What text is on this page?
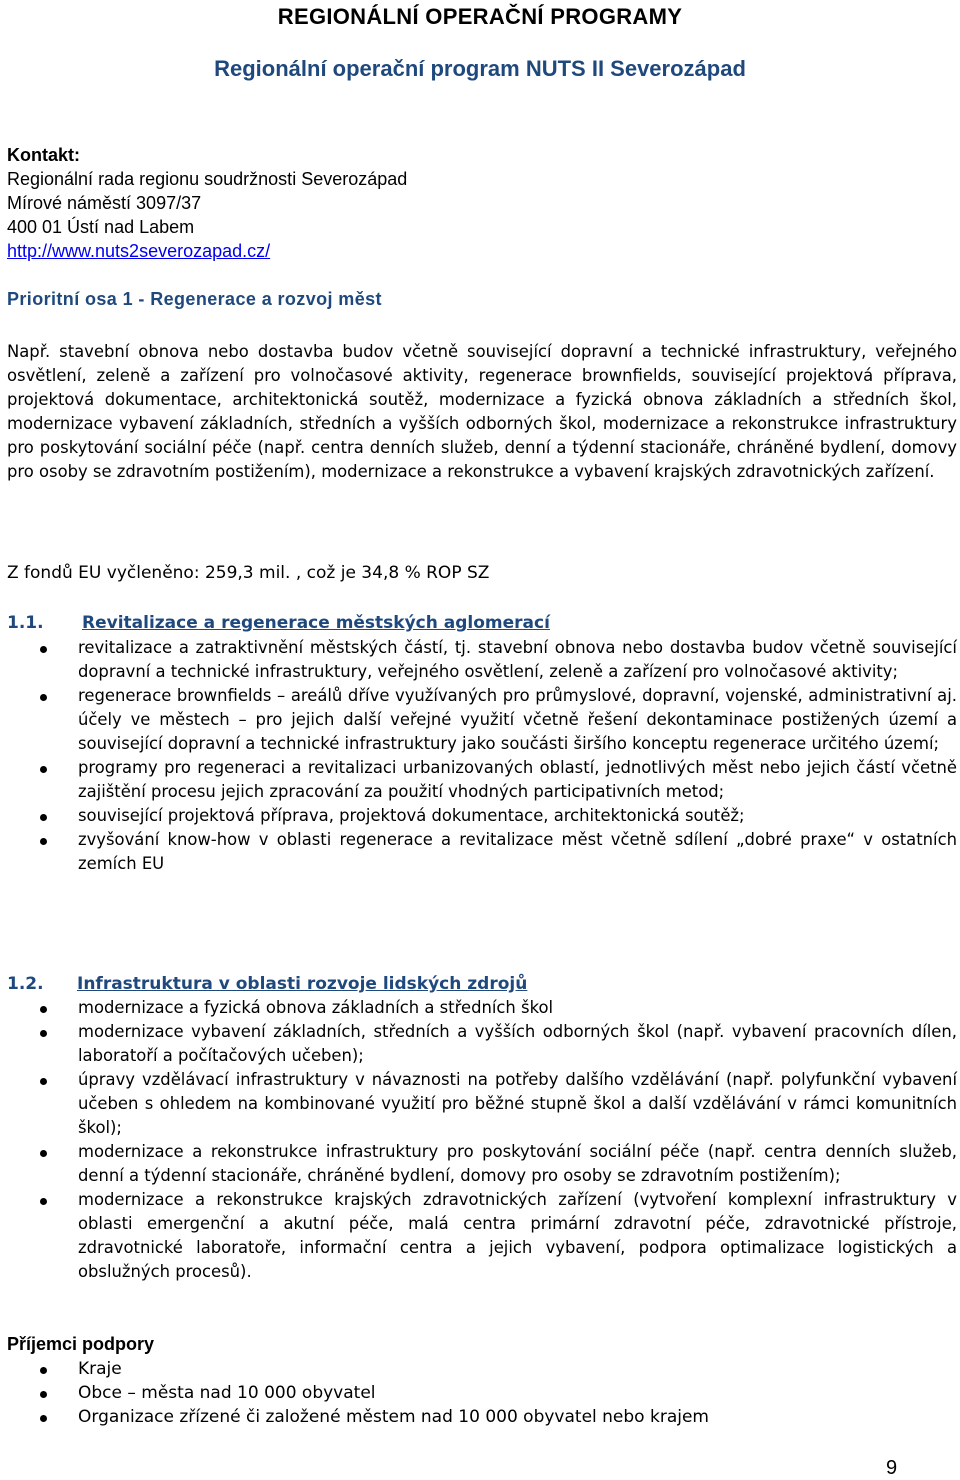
REGIONÁLNÍ OPERAČNÍ PROGRAMY
Regionální operační program NUTS II Severozápad
Kontakt:
Regionální rada regionu soudržnosti Severozápad
Mírové náměstí 3097/37
400 01 Ústí nad Labem
http://www.nuts2severozapad.cz/
Prioritní osa 1 - Regenerace a rozvoj měst
Např. stavební obnova nebo dostavba budov včetně související dopravní a technické infrastruktury, veřejného osvětlení, zeleně a zařízení pro volnočasové aktivity, regenerace brownfields, související projektová příprava, projektová dokumentace, architektonická soutěž, modernizace a fyzická obnova základních a středních škol, modernizace vybavení základních, středních a vyšších odborných škol, modernizace a rekonstrukce infrastruktury pro poskytování sociální péče (např. centra denních služeb, denní a týdenní stacionáře, chráněné bydlení, domovy pro osoby se zdravotním postižením), modernizace a rekonstrukce a vybavení krajských zdravotnických zařízení.
Z fondů EU vyčleněno: 259,3 mil. , což je 34,8 % ROP SZ
1.1. Revitalizace a regenerace městských aglomerací
revitalizace a zatraktivnění městských částí, tj. stavební obnova nebo dostavba budov včetně související dopravní a technické infrastruktury, veřejného osvětlení, zeleně a zařízení pro volnočasové aktivity;
regenerace brownfields – areálů dříve využívaných pro průmyslové, dopravní, vojenské, administrativní aj. účely ve městech – pro jejich další veřejné využití včetně řešení dekontaminace postižených území a související dopravní a technické infrastruktury jako součásti širšího konceptu regenerace určitého území;
programy pro regeneraci a revitalizaci urbanizovaných oblastí, jednotlivých měst nebo jejich částí včetně zajištění procesu jejich zpracování za použití vhodných participativních metod;
související projektová příprava, projektová dokumentace, architektonická soutěž;
zvyšování know-how v oblasti regenerace a revitalizace měst včetně sdílení „dobré praxe“ v ostatních zemích EU
1.2. Infrastruktura v oblasti rozvoje lidských zdrojů
modernizace a fyzická obnova základních a středních škol
modernizace vybavení základních, středních a vyšších odborných škol (např. vybavení pracovních dílen, laboratoří a počítačových učeben);
úpravy vzdělávací infrastruktury v návaznosti na potřeby dalšího vzdělávání (např. polyfunkční vybavení učeben s ohledem na kombinované využití pro běžné stupně škol a další vzdělávání v rámci komunitních škol);
modernizace a rekonstrukce infrastruktury pro poskytování sociální péče (např. centra denních služeb, denní a týdenní stacionáře, chráněné bydlení, domovy pro osoby se zdravotním postižením);
modernizace a rekonstrukce krajských zdravotnických zařízení (vytvoření komplexní infrastruktury v oblasti emergenční a akutní péče, malá centra primární zdravotní péče, zdravotnické přístroje, zdravotnické laboratoře, informační centra a jejich vybavení, podpora optimalizace logistických a obslužných procesů).
Příjemci podpory
Kraje
Obce – města nad 10 000 obyvatel
Organizace zřízené či založené městem nad 10 000 obyvatel nebo krajem
9
